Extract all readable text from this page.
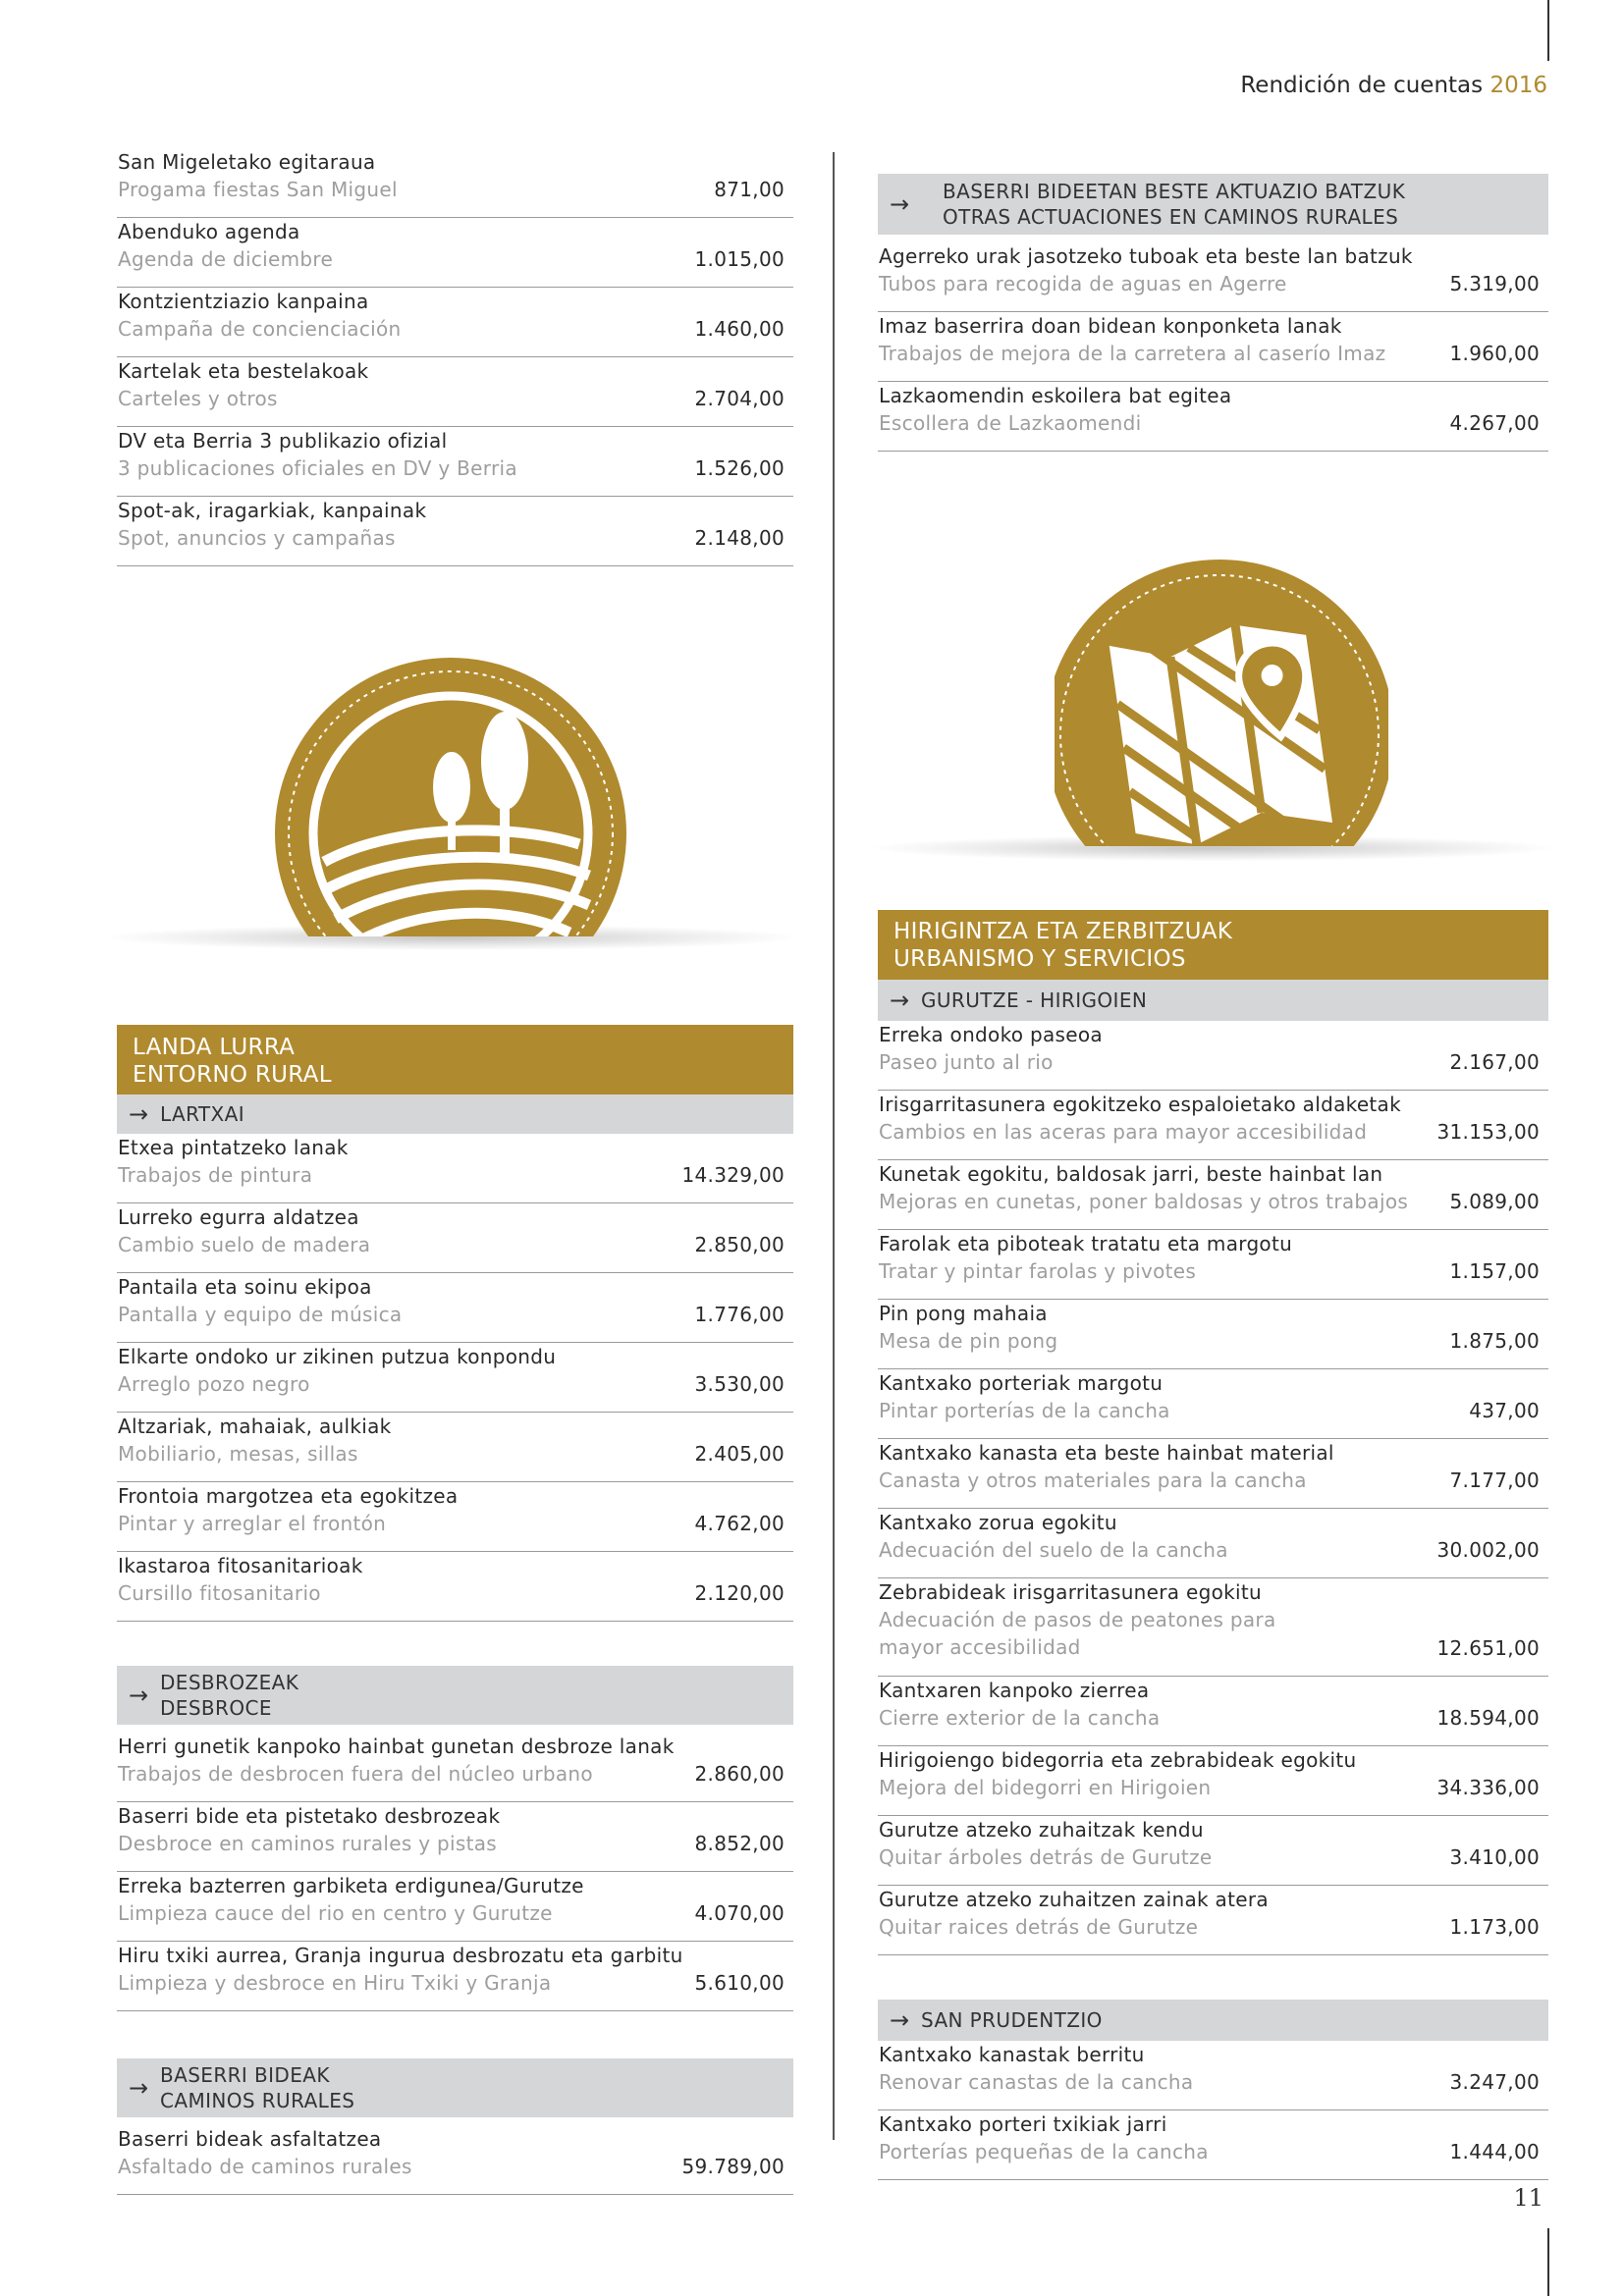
Rendición de cuentas 2016
San Migeletako egitaraua
Progama fiestas San Miguel	871,00
Abenduko agenda
Agenda de diciembre	1.015,00
Kontzientziazio kanpaina
Campaña de concienciación	1.460,00
Kartelak eta bestelakoak
Carteles y otros	2.704,00
DV eta Berria 3 publikazio ofizial
3 publicaciones oficiales en DV y Berria	1.526,00
Spot-ak, iragarkiak, kanpainak
Spot, anuncios y campañas	2.148,00
LANDA LURRA
ENTORNO RURAL
→ LARTXAI
Etxea pintatzeko lanak
Trabajos de pintura	14.329,00
Lurreko egurra aldatzea
Cambio suelo de madera	2.850,00
Pantaila eta soinu ekipoa
Pantalla y equipo de música	1.776,00
Elkarte ondoko ur zikinen putzua konpondu
Arreglo pozo negro	3.530,00
Altzariak, mahaiak, aulkiak
Mobiliario, mesas, sillas	2.405,00
Frontoia margotzea eta egokitzea
Pintar y arreglar el frontón	4.762,00
Ikastaroa fitosanitarioak
Cursillo fitosanitario	2.120,00
→ DESBROZEAK
DESBROCE
Herri gunetik kanpoko hainbat gunetan desbroze lanak
Trabajos de desbrocen fuera del núcleo urbano	2.860,00
Baserri bide eta pistetako desbrozeak
Desbroce en caminos rurales y pistas	8.852,00
Erreka bazterren garbiketa erdigunea/Gurutze
Limpieza cauce del rio en centro y Gurutze	4.070,00
Hiru txiki aurrea, Granja ingurua desbrozatu eta garbitu
Limpieza y desbroce en Hiru Txiki y Granja	5.610,00
→ BASERRI BIDEAK
CAMINOS RURALES
Baserri bideak asfaltatzea
Asfaltado de caminos rurales	59.789,00
→ BASERRI BIDEETAN BESTE AKTUAZIO BATZUK
OTRAS ACTUACIONES EN CAMINOS RURALES
Agerreko urak jasotzeko tuboak eta beste lan batzuk
Tubos para recogida de aguas en Agerre	5.319,00
Imaz baserrira doan bidean konponketa lanak
Trabajos de mejora de la carretera al caserío Imaz	1.960,00
Lazkaomendin eskoilera bat egitea
Escollera de Lazkaomendi	4.267,00
HIRIGINTZA ETA ZERBITZUAK
URBANISMO Y SERVICIOS
→ GURUTZE - HIRIGOIEN
Erreka ondoko paseoa
Paseo junto al rio	2.167,00
Irisgarritasunera egokitzeko espaloietako aldaketak
Cambios en las aceras para mayor accesibilidad	31.153,00
Kunetak egokitu, baldosak jarri, beste hainbat lan
Mejoras en cunetas, poner baldosas y otros trabajos 5.089,00
Farolak eta piboteak tratatu eta margotu
Tratar y pintar farolas y pivotes	1.157,00
Pin pong mahaia
Mesa de pin pong	1.875,00
Kantxako porteriak margotu
Pintar porterías de la cancha	437,00
Kantxako kanasta eta beste hainbat material
Canasta y otros materiales para la cancha	7.177,00
Kantxako zorua egokitu
Adecuación del suelo de la cancha	30.002,00
Zebrabideak irisgarritasunera egokitu
Adecuación de pasos de peatones para mayor accesibilidad	12.651,00
Kantxaren kanpoko zierrea
Cierre exterior de la cancha	18.594,00
Hirigoiengo bidegorria eta zebrabideak egokitu
Mejora del bidegorri en Hirigoien	34.336,00
Gurutze atzeko zuhaitzak kendu
Quitar árboles detrás de Gurutze	3.410,00
Gurutze atzeko zuhaitzen zainak atera
Quitar raices detrás de Gurutze	1.173,00
→ SAN PRUDENTZIO
Kantxako kanastak berritu
Renovar canastas de la cancha	3.247,00
Kantxako porteri txikiak jarri
Porterías pequeñas de la cancha	1.444,00
11
